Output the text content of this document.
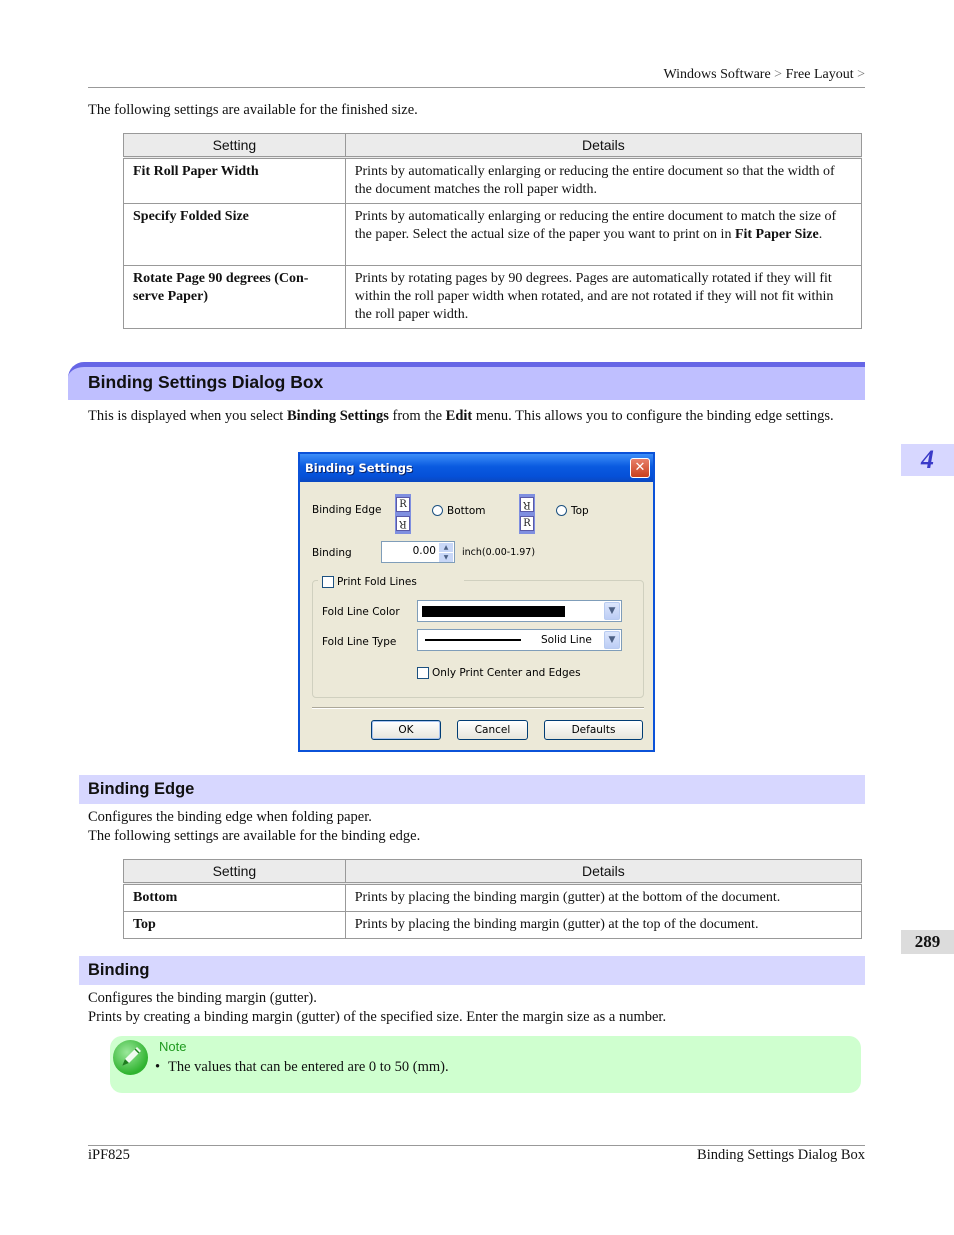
Windows Software > Free Layout >
The following settings are available for the finished size.
Setting	Details
Fit Roll Paper Width	Prints by automatically enlarging or reducing the entire document so that the width of the document matches the roll paper width.
Specify Folded Size	Prints by automatically enlarging or reducing the entire document to match the size of the paper. Select the actual size of the paper you want to print on in Fit Paper Size.
Rotate Page 90 degrees (Con-serve Paper)	Prints by rotating pages by 90 degrees. Pages are automatically rotated if they will fit within the roll paper width when rotated, and are not rotated if they will not fit within the roll paper width.
Binding Settings Dialog Box
This is displayed when you select Binding Settings from the Edit menu. This allows you to configure the binding edge settings.
Binding Settings	✕
Binding Edge	R
R
Bottom
R
R
Top
Binding	0.00	▲
▼	inch(0.00-1.97)
Print Fold Lines
Fold Line Color	▼
Fold Line Type	Solid Line	▼
Only Print Center and Edges
OK	Cancel	Defaults
Binding Edge
Configures the binding edge when folding paper.
The following settings are available for the binding edge.
Setting	Details
Bottom	Prints by placing the binding margin (gutter) at the bottom of the document.
Top	Prints by placing the binding margin (gutter) at the top of the document.
Binding
Configures the binding margin (gutter).
Prints by creating a binding margin (gutter) of the specified size. Enter the margin size as a number.
Note
• The values that can be entered are 0 to 50 (mm).
4
289
iPF825	Binding Settings Dialog Box
